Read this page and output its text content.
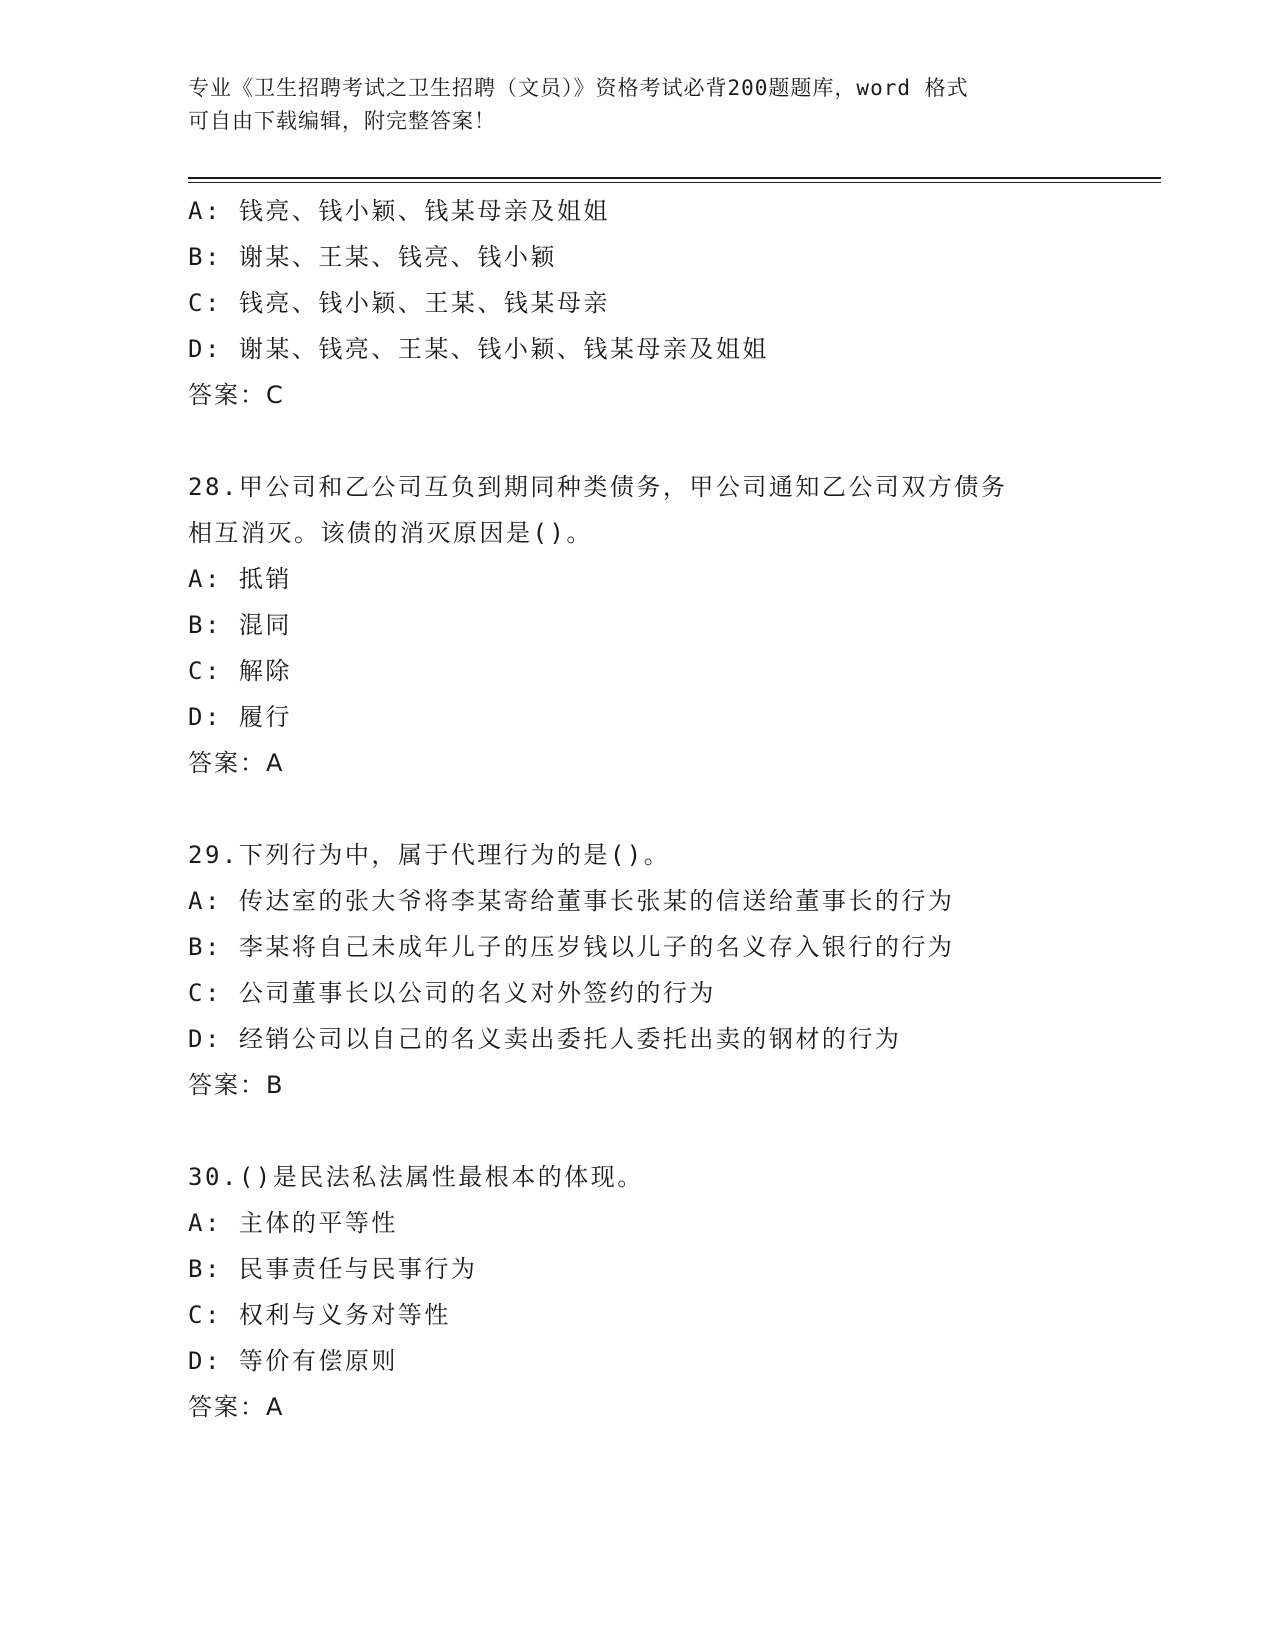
专业《卫生招聘考试之卫生招聘（文员）》资格考试必背200题题库，word 格式
可自由下载编辑，附完整答案！
A: 钱亮、钱小颖、钱某母亲及姐姐
B: 谢某、王某、钱亮、钱小颖
C: 钱亮、钱小颖、王某、钱某母亲
D: 谢某、钱亮、王某、钱小颖、钱某母亲及姐姐
答案：C
28.甲公司和乙公司互负到期同种类债务，甲公司通知乙公司双方债务
相互消灭。该债的消灭原因是()。
A: 抵销
B: 混同
C: 解除
D: 履行
答案：A
29.下列行为中，属于代理行为的是()。
A: 传达室的张大爷将李某寄给董事长张某的信送给董事长的行为
B: 李某将自己未成年儿子的压岁钱以儿子的名义存入银行的行为
C: 公司董事长以公司的名义对外签约的行为
D: 经销公司以自己的名义卖出委托人委托出卖的钢材的行为
答案：B
30.()是民法私法属性最根本的体现。
A: 主体的平等性
B: 民事责任与民事行为
C: 权利与义务对等性
D: 等价有偿原则
答案：A
